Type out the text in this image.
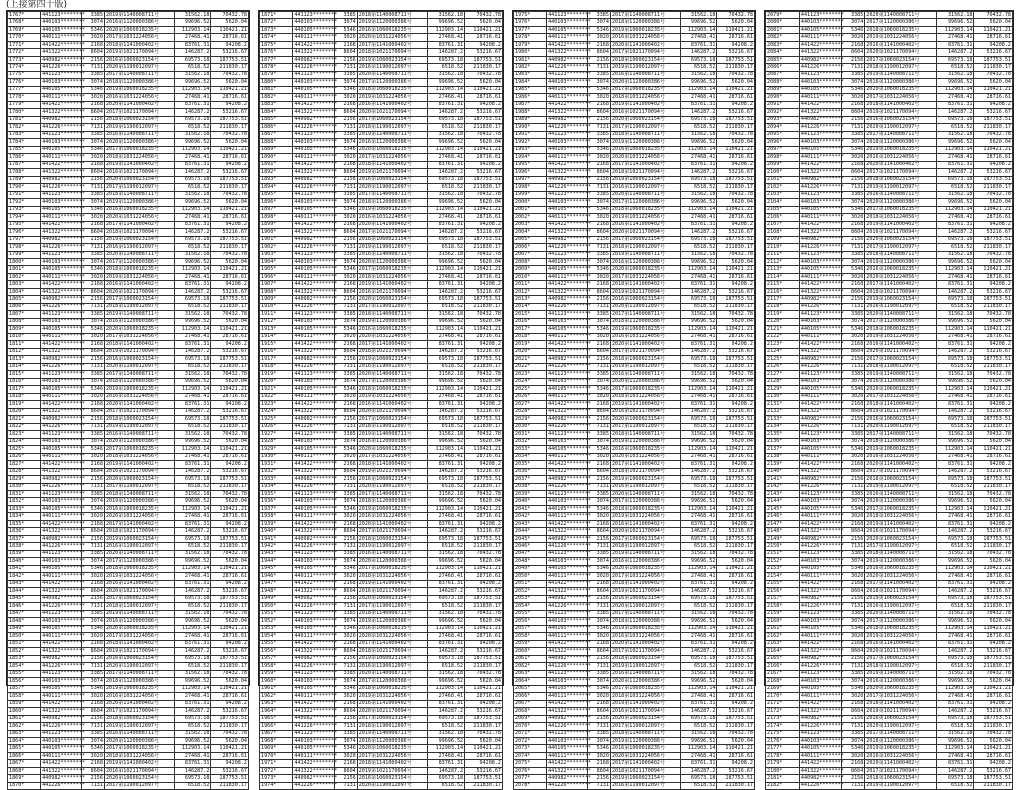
(上接第四十版)
1767*	441123********	3385	2019第1140008711号	31562.18	70432.78
1768*	440103********	3074	2016第1120000386号	99696.52	5620.04
1769*	440105********	5346	2020第1060018235号	112903.14	110421.21
1770*	440111********	3020	2017第1031224056号	27468.41	28716.61
1771*	441422********	2168	2018第1141000402号	83761.31	94208.2
1772*	441322********	8604	2019第1021170094号	146287.2	53216.67
1773*	440982********	2156	2016第1060023154号	69573.18	187753.51
1774*	441226********	7131	2020第1190012097号	6518.52	211830.17
1775*	441123********	3385	2017第1140008711号	31562.18	70432.78
1776*	440103********	3074	2018第1120000386号	99696.52	5620.04
1777*	440105********	5346	2019第1060018235号	112903.14	110421.21
1778*	440111********	3020	2016第1031224056号	27468.41	28716.61
1779*	441422********	2168	2020第1141000402号	83761.31	94208.2
1780*	441322********	8604	2017第1021170094号	146287.2	53216.67
1781*	440982********	2156	2018第1060023154号	69573.18	187753.51
1782*	441226********	7131	2019第1190012097号	6518.52	211830.17
1783*	441123********	3385	2016第1140008711号	31562.18	70432.78
1784*	440103********	3074	2020第1120000386号	99696.52	5620.04
1785*	440105********	5346	2017第1060018235号	112903.14	110421.21
1786*	440111********	3020	2018第1031224056号	27468.41	28716.61
1787*	441422********	2168	2019第1141000402号	83761.31	94208.2
1788*	441322********	8604	2016第1021170094号	146287.2	53216.67
1789*	440982********	2156	2020第1060023154号	69573.18	187753.51
1790*	441226********	7131	2017第1190012097号	6518.52	211830.17
1791*	441123********	3385	2018第1140008711号	31562.18	70432.78
1792*	440103********	3074	2019第1120000386号	99696.52	5620.04
1793*	440105********	5346	2016第1060018235号	112903.14	110421.21
1794*	440111********	3020	2020第1031224056号	27468.41	28716.61
1795*	441422********	2168	2017第1141000402号	83761.31	94208.2
1796*	441322********	8604	2018第1021170094号	146287.2	53216.67
1797*	440982********	2156	2019第1060023154号	69573.18	187753.51
1798*	441226********	7131	2016第1190012097号	6518.52	211830.17
1799*	441123********	3385	2020第1140008711号	31562.18	70432.78
1800*	440103********	3074	2017第1120000386号	99696.52	5620.04
1801*	440105********	5346	2018第1060018235号	112903.14	110421.21
1802*	440111********	3020	2019第1031224056号	27468.41	28716.61
1803*	441422********	2168	2016第1141000402号	83761.31	94208.2
1804*	441322********	8604	2020第1021170094号	146287.2	53216.67
1805*	440982********	2156	2017第1060023154号	69573.18	187753.51
1806*	441226********	7131	2018第1190012097号	6518.52	211830.17
1807*	441123********	3385	2019第1140008711号	31562.18	70432.78
1808*	440103********	3074	2016第1120000386号	99696.52	5620.04
1809*	440105********	5346	2020第1060018235号	112903.14	110421.21
1810*	440111********	3020	2017第1031224056号	27468.41	28716.61
1811*	441422********	2168	2018第1141000402号	83761.31	94208.2
1812*	441322********	8604	2019第1021170094号	146287.2	53216.67
1813*	440982********	2156	2016第1060023154号	69573.18	187753.51
1814*	441226********	7131	2020第1190012097号	6518.52	211830.17
1815*	441123********	3385	2017第1140008711号	31562.18	70432.78
1816*	440103********	3074	2018第1120000386号	99696.52	5620.04
1817*	440105********	5346	2019第1060018235号	112903.14	110421.21
1818*	440111********	3020	2016第1031224056号	27468.41	28716.61
1819*	441422********	2168	2020第1141000402号	83761.31	94208.2
1820*	441322********	8604	2017第1021170094号	146287.2	53216.67
1821*	440982********	2156	2018第1060023154号	69573.18	187753.51
1822*	441226********	7131	2019第1190012097号	6518.52	211830.17
1823*	441123********	3385	2016第1140008711号	31562.18	70432.78
1824*	440103********	3074	2020第1120000386号	99696.52	5620.04
1825*	440105********	5346	2017第1060018235号	112903.14	110421.21
1826*	440111********	3020	2018第1031224056号	27468.41	28716.61
1827*	441422********	2168	2019第1141000402号	83761.31	94208.2
1828*	441322********	8604	2016第1021170094号	146287.2	53216.67
1829*	440982********	2156	2020第1060023154号	69573.18	187753.51
1830*	441226********	7131	2017第1190012097号	6518.52	211830.17
1831*	441123********	3385	2018第1140008711号	31562.18	70432.78
1832*	440103********	3074	2019第1120000386号	99696.52	5620.04
1833*	440105********	5346	2016第1060018235号	112903.14	110421.21
1834*	440111********	3020	2020第1031224056号	27468.41	28716.61
1835*	441422********	2168	2017第1141000402号	83761.31	94208.2
1836*	441322********	8604	2018第1021170094号	146287.2	53216.67
1837*	440982********	2156	2019第1060023154号	69573.18	187753.51
1838*	441226********	7131	2016第1190012097号	6518.52	211830.17
1839*	441123********	3385	2020第1140008711号	31562.18	70432.78
1840*	440103********	3074	2017第1120000386号	99696.52	5620.04
1841*	440105********	5346	2018第1060018235号	112903.14	110421.21
1842*	440111********	3020	2019第1031224056号	27468.41	28716.61
1843*	441422********	2168	2016第1141000402号	83761.31	94208.2
1844*	441322********	8604	2020第1021170094号	146287.2	53216.67
1845*	440982********	2156	2017第1060023154号	69573.18	187753.51
1846*	441226********	7131	2018第1190012097号	6518.52	211830.17
1847*	441123********	3385	2019第1140008711号	31562.18	70432.78
1848*	440103********	3074	2016第1120000386号	99696.52	5620.04
1849*	440105********	5346	2020第1060018235号	112903.14	110421.21
1850*	440111********	3020	2017第1031224056号	27468.41	28716.61
1851*	441422********	2168	2018第1141000402号	83761.31	94208.2
1852*	441322********	8604	2019第1021170094号	146287.2	53216.67
1853*	440982********	2156	2016第1060023154号	69573.18	187753.51
1854*	441226********	7131	2020第1190012097号	6518.52	211830.17
1855*	441123********	3385	2017第1140008711号	31562.18	70432.78
1856*	440103********	3074	2018第1120000386号	99696.52	5620.04
1857*	440105********	5346	2019第1060018235号	112903.14	110421.21
1858*	440111********	3020	2016第1031224056号	27468.41	28716.61
1859*	441422********	2168	2020第1141000402号	83761.31	94208.2
1860*	441322********	8604	2017第1021170094号	146287.2	53216.67
1861*	440982********	2156	2018第1060023154号	69573.18	187753.51
1862*	441226********	7131	2019第1190012097号	6518.52	211830.17
1863*	441123********	3385	2016第1140008711号	31562.18	70432.78
1864*	440103********	3074	2020第1120000386号	99696.52	5620.04
1865*	440105********	5346	2017第1060018235号	112903.14	110421.21
1866*	440111********	3020	2018第1031224056号	27468.41	28716.61
1867*	441422********	2168	2019第1141000402号	83761.31	94208.2
1868*	441322********	8604	2016第1021170094号	146287.2	53216.67
1869*	440982********	2156	2020第1060023154号	69573.18	187753.51
1870*	441226********	7131	2017第1190012097号	6518.52	211830.17
1871*	441123********	3385	2018第1140008711号	31562.18	70432.78
1872*	440103********	3074	2019第1120000386号	99696.52	5620.04
1873*	440105********	5346	2016第1060018235号	112903.14	110421.21
1874*	440111********	3020	2020第1031224056号	27468.41	28716.61
1875*	441422********	2168	2017第1141000402号	83761.31	94208.2
1876*	441322********	8604	2018第1021170094号	146287.2	53216.67
1877*	440982********	2156	2019第1060023154号	69573.18	187753.51
1878*	441226********	7131	2016第1190012097号	6518.52	211830.17
1879*	441123********	3385	2020第1140008711号	31562.18	70432.78
1880*	440103********	3074	2017第1120000386号	99696.52	5620.04
1881*	440105********	5346	2018第1060018235号	112903.14	110421.21
1882*	440111********	3020	2019第1031224056号	27468.41	28716.61
1883*	441422********	2168	2016第1141000402号	83761.31	94208.2
1884*	441322********	8604	2020第1021170094号	146287.2	53216.67
1885*	440982********	2156	2017第1060023154号	69573.18	187753.51
1886*	441226********	7131	2018第1190012097号	6518.52	211830.17
1887*	441123********	3385	2019第1140008711号	31562.18	70432.78
1888*	440103********	3074	2016第1120000386号	99696.52	5620.04
1889*	440105********	5346	2020第1060018235号	112903.14	110421.21
1890*	440111********	3020	2017第1031224056号	27468.41	28716.61
1891*	441422********	2168	2018第1141000402号	83761.31	94208.2
1892*	441322********	8604	2019第1021170094号	146287.2	53216.67
1893*	440982********	2156	2016第1060023154号	69573.18	187753.51
1894*	441226********	7131	2020第1190012097号	6518.52	211830.17
1895*	441123********	3385	2017第1140008711号	31562.18	70432.78
1896*	440103********	3074	2018第1120000386号	99696.52	5620.04
1897*	440105********	5346	2019第1060018235号	112903.14	110421.21
1898*	440111********	3020	2016第1031224056号	27468.41	28716.61
1899*	441422********	2168	2020第1141000402号	83761.31	94208.2
1900*	441322********	8604	2017第1021170094号	146287.2	53216.67
1901*	440982********	2156	2018第1060023154号	69573.18	187753.51
1902*	441226********	7131	2019第1190012097号	6518.52	211830.17
1903*	441123********	3385	2016第1140008711号	31562.18	70432.78
1904*	440103********	3074	2020第1120000386号	99696.52	5620.04
1905*	440105********	5346	2017第1060018235号	112903.14	110421.21
1906*	440111********	3020	2018第1031224056号	27468.41	28716.61
1907*	441422********	2168	2019第1141000402号	83761.31	94208.2
1908*	441322********	8604	2016第1021170094号	146287.2	53216.67
1909*	440982********	2156	2020第1060023154号	69573.18	187753.51
1910*	441226********	7131	2017第1190012097号	6518.52	211830.17
1911*	441123********	3385	2018第1140008711号	31562.18	70432.78
1912*	440103********	3074	2019第1120000386号	99696.52	5620.04
1913*	440105********	5346	2016第1060018235号	112903.14	110421.21
1914*	440111********	3020	2020第1031224056号	27468.41	28716.61
1915*	441422********	2168	2017第1141000402号	83761.31	94208.2
1916*	441322********	8604	2018第1021170094号	146287.2	53216.67
1917*	440982********	2156	2019第1060023154号	69573.18	187753.51
1918*	441226********	7131	2016第1190012097号	6518.52	211830.17
1919*	441123********	3385	2020第1140008711号	31562.18	70432.78
1920*	440103********	3074	2017第1120000386号	99696.52	5620.04
1921*	440105********	5346	2018第1060018235号	112903.14	110421.21
1922*	440111********	3020	2019第1031224056号	27468.41	28716.61
1923*	441422********	2168	2016第1141000402号	83761.31	94208.2
1924*	441322********	8604	2020第1021170094号	146287.2	53216.67
1925*	440982********	2156	2017第1060023154号	69573.18	187753.51
1926*	441226********	7131	2018第1190012097号	6518.52	211830.17
1927*	441123********	3385	2019第1140008711号	31562.18	70432.78
1928*	440103********	3074	2016第1120000386号	99696.52	5620.04
1929*	440105********	5346	2020第1060018235号	112903.14	110421.21
1930*	440111********	3020	2017第1031224056号	27468.41	28716.61
1931*	441422********	2168	2018第1141000402号	83761.31	94208.2
1932*	441322********	8604	2019第1021170094号	146287.2	53216.67
1933*	440982********	2156	2016第1060023154号	69573.18	187753.51
1934*	441226********	7131	2020第1190012097号	6518.52	211830.17
1935*	441123********	3385	2017第1140008711号	31562.18	70432.78
1936*	440103********	3074	2018第1120000386号	99696.52	5620.04
1937*	440105********	5346	2019第1060018235号	112903.14	110421.21
1938*	440111********	3020	2016第1031224056号	27468.41	28716.61
1939*	441422********	2168	2020第1141000402号	83761.31	94208.2
1940*	441322********	8604	2017第1021170094号	146287.2	53216.67
1941*	440982********	2156	2018第1060023154号	69573.18	187753.51
1942*	441226********	7131	2019第1190012097号	6518.52	211830.17
1943*	441123********	3385	2016第1140008711号	31562.18	70432.78
1944*	440103********	3074	2020第1120000386号	99696.52	5620.04
1945*	440105********	5346	2017第1060018235号	112903.14	110421.21
1946*	440111********	3020	2018第1031224056号	27468.41	28716.61
1947*	441422********	2168	2019第1141000402号	83761.31	94208.2
1948*	441322********	8604	2016第1021170094号	146287.2	53216.67
1949*	440982********	2156	2020第1060023154号	69573.18	187753.51
1950*	441226********	7131	2017第1190012097号	6518.52	211830.17
1951*	441123********	3385	2018第1140008711号	31562.18	70432.78
1952*	440103********	3074	2019第1120000386号	99696.52	5620.04
1953*	440105********	5346	2016第1060018235号	112903.14	110421.21
1954*	440111********	3020	2020第1031224056号	27468.41	28716.61
1955*	441422********	2168	2017第1141000402号	83761.31	94208.2
1956*	441322********	8604	2018第1021170094号	146287.2	53216.67
1957*	440982********	2156	2019第1060023154号	69573.18	187753.51
1958*	441226********	7131	2016第1190012097号	6518.52	211830.17
1959*	441123********	3385	2020第1140008711号	31562.18	70432.78
1960*	440103********	3074	2017第1120000386号	99696.52	5620.04
1961*	440105********	5346	2018第1060018235号	112903.14	110421.21
1962*	440111********	3020	2019第1031224056号	27468.41	28716.61
1963*	441422********	2168	2016第1141000402号	83761.31	94208.2
1964*	441322********	8604	2020第1021170094号	146287.2	53216.67
1965*	440982********	2156	2017第1060023154号	69573.18	187753.51
1966*	441226********	7131	2018第1190012097号	6518.52	211830.17
1967*	441123********	3385	2019第1140008711号	31562.18	70432.78
1968*	440103********	3074	2016第1120000386号	99696.52	5620.04
1969*	440105********	5346	2020第1060018235号	112903.14	110421.21
1970*	440111********	3020	2017第1031224056号	27468.41	28716.61
1971*	441422********	2168	2018第1141000402号	83761.31	94208.2
1972*	441322********	8604	2019第1021170094号	146287.2	53216.67
1973*	440982********	2156	2016第1060023154号	69573.18	187753.51
1974*	441226********	7131	2020第1190012097号	6518.52	211830.17
1975*	441123********	3385	2017第1140008711号	31562.18	70432.78
1976*	440103********	3074	2018第1120000386号	99696.52	5620.04
1977*	440105********	5346	2019第1060018235号	112903.14	110421.21
1978*	440111********	3020	2016第1031224056号	27468.41	28716.61
1979*	441422********	2168	2020第1141000402号	83761.31	94208.2
1980*	441322********	8604	2017第1021170094号	146287.2	53216.67
1981*	440982********	2156	2018第1060023154号	69573.18	187753.51
1982*	441226********	7131	2019第1190012097号	6518.52	211830.17
1983*	441123********	3385	2016第1140008711号	31562.18	70432.78
1984*	440103********	3074	2020第1120000386号	99696.52	5620.04
1985*	440105********	5346	2017第1060018235号	112903.14	110421.21
1986*	440111********	3020	2018第1031224056号	27468.41	28716.61
1987*	441422********	2168	2019第1141000402号	83761.31	94208.2
1988*	441322********	8604	2016第1021170094号	146287.2	53216.67
1989*	440982********	2156	2020第1060023154号	69573.18	187753.51
1990*	441226********	7131	2017第1190012097号	6518.52	211830.17
1991*	441123********	3385	2018第1140008711号	31562.18	70432.78
1992*	440103********	3074	2019第1120000386号	99696.52	5620.04
1993*	440105********	5346	2016第1060018235号	112903.14	110421.21
1994*	440111********	3020	2020第1031224056号	27468.41	28716.61
1995*	441422********	2168	2017第1141000402号	83761.31	94208.2
1996*	441322********	8604	2018第1021170094号	146287.2	53216.67
1997*	440982********	2156	2019第1060023154号	69573.18	187753.51
1998*	441226********	7131	2016第1190012097号	6518.52	211830.17
1999*	441123********	3385	2020第1140008711号	31562.18	70432.78
2000*	440103********	3074	2017第1120000386号	99696.52	5620.04
2001*	440105********	5346	2018第1060018235号	112903.14	110421.21
2002*	440111********	3020	2019第1031224056号	27468.41	28716.61
2003*	441422********	2168	2016第1141000402号	83761.31	94208.2
2004*	441322********	8604	2020第1021170094号	146287.2	53216.67
2005*	440982********	2156	2017第1060023154号	69573.18	187753.51
2006*	441226********	7131	2018第1190012097号	6518.52	211830.17
2007*	441123********	3385	2019第1140008711号	31562.18	70432.78
2008*	440103********	3074	2016第1120000386号	99696.52	5620.04
2009*	440105********	5346	2020第1060018235号	112903.14	110421.21
2010*	440111********	3020	2017第1031224056号	27468.41	28716.61
2011*	441422********	2168	2018第1141000402号	83761.31	94208.2
2012*	441322********	8604	2019第1021170094号	146287.2	53216.67
2013*	440982********	2156	2016第1060023154号	69573.18	187753.51
2014*	441226********	7131	2020第1190012097号	6518.52	211830.17
2015*	441123********	3385	2017第1140008711号	31562.18	70432.78
2016*	440103********	3074	2018第1120000386号	99696.52	5620.04
2017*	440105********	5346	2019第1060018235号	112903.14	110421.21
2018*	440111********	3020	2016第1031224056号	27468.41	28716.61
2019*	441422********	2168	2020第1141000402号	83761.31	94208.2
2020*	441322********	8604	2017第1021170094号	146287.2	53216.67
2021*	440982********	2156	2018第1060023154号	69573.18	187753.51
2022*	441226********	7131	2019第1190012097号	6518.52	211830.17
2023*	441123********	3385	2016第1140008711号	31562.18	70432.78
2024*	440103********	3074	2020第1120000386号	99696.52	5620.04
2025*	440105********	5346	2017第1060018235号	112903.14	110421.21
2026*	440111********	3020	2018第1031224056号	27468.41	28716.61
2027*	441422********	2168	2019第1141000402号	83761.31	94208.2
2028*	441322********	8604	2016第1021170094号	146287.2	53216.67
2029*	440982********	2156	2020第1060023154号	69573.18	187753.51
2030*	441226********	7131	2017第1190012097号	6518.52	211830.17
2031*	441123********	3385	2018第1140008711号	31562.18	70432.78
2032*	440103********	3074	2019第1120000386号	99696.52	5620.04
2033*	440105********	5346	2016第1060018235号	112903.14	110421.21
2034*	440111********	3020	2020第1031224056号	27468.41	28716.61
2035*	441422********	2168	2017第1141000402号	83761.31	94208.2
2036*	441322********	8604	2018第1021170094号	146287.2	53216.67
2037*	440982********	2156	2019第1060023154号	69573.18	187753.51
2038*	441226********	7131	2016第1190012097号	6518.52	211830.17
2039*	441123********	3385	2020第1140008711号	31562.18	70432.78
2040*	440103********	3074	2017第1120000386号	99696.52	5620.04
2041*	440105********	5346	2018第1060018235号	112903.14	110421.21
2042*	440111********	3020	2019第1031224056号	27468.41	28716.61
2043*	441422********	2168	2016第1141000402号	83761.31	94208.2
2044*	441322********	8604	2020第1021170094号	146287.2	53216.67
2045*	440982********	2156	2017第1060023154号	69573.18	187753.51
2046*	441226********	7131	2018第1190012097号	6518.52	211830.17
2047*	441123********	3385	2019第1140008711号	31562.18	70432.78
2048*	440103********	3074	2016第1120000386号	99696.52	5620.04
2049*	440105********	5346	2020第1060018235号	112903.14	110421.21
2050*	440111********	3020	2017第1031224056号	27468.41	28716.61
2051*	441422********	2168	2018第1141000402号	83761.31	94208.2
2052*	441322********	8604	2019第1021170094号	146287.2	53216.67
2053*	440982********	2156	2016第1060023154号	69573.18	187753.51
2054*	441226********	7131	2020第1190012097号	6518.52	211830.17
2055*	441123********	3385	2017第1140008711号	31562.18	70432.78
2056*	440103********	3074	2018第1120000386号	99696.52	5620.04
2057*	440105********	5346	2019第1060018235号	112903.14	110421.21
2058*	440111********	3020	2016第1031224056号	27468.41	28716.61
2059*	441422********	2168	2020第1141000402号	83761.31	94208.2
2060*	441322********	8604	2017第1021170094号	146287.2	53216.67
2061*	440982********	2156	2018第1060023154号	69573.18	187753.51
2062*	441226********	7131	2019第1190012097号	6518.52	211830.17
2063*	441123********	3385	2016第1140008711号	31562.18	70432.78
2064*	440103********	3074	2020第1120000386号	99696.52	5620.04
2065*	440105********	5346	2017第1060018235号	112903.14	110421.21
2066*	440111********	3020	2018第1031224056号	27468.41	28716.61
2067*	441422********	2168	2019第1141000402号	83761.31	94208.2
2068*	441322********	8604	2016第1021170094号	146287.2	53216.67
2069*	440982********	2156	2020第1060023154号	69573.18	187753.51
2070*	441226********	7131	2017第1190012097号	6518.52	211830.17
2071*	441123********	3385	2018第1140008711号	31562.18	70432.78
2072*	440103********	3074	2019第1120000386号	99696.52	5620.04
2073*	440105********	5346	2016第1060018235号	112903.14	110421.21
2074*	440111********	3020	2020第1031224056号	27468.41	28716.61
2075*	441422********	2168	2017第1141000402号	83761.31	94208.2
2076*	441322********	8604	2018第1021170094号	146287.2	53216.67
2077*	440982********	2156	2019第1060023154号	69573.18	187753.51
2078*	441226********	7131	2016第1190012097号	6518.52	211830.17
2079*	441123********	3385	2020第1140008711号	31562.18	70432.78
2080*	440103********	3074	2017第1120000386号	99696.52	5620.04
2081*	440105********	5346	2018第1060018235号	112903.14	110421.21
2082*	440111********	3020	2019第1031224056号	27468.41	28716.61
2083*	441422********	2168	2016第1141000402号	83761.31	94208.2
2084*	441322********	8604	2020第1021170094号	146287.2	53216.67
2085*	440982********	2156	2017第1060023154号	69573.18	187753.51
2086*	441226********	7131	2018第1190012097号	6518.52	211830.17
2087*	441123********	3385	2019第1140008711号	31562.18	70432.78
2088*	440103********	3074	2016第1120000386号	99696.52	5620.04
2089*	440105********	5346	2020第1060018235号	112903.14	110421.21
2090*	440111********	3020	2017第1031224056号	27468.41	28716.61
2091*	441422********	2168	2018第1141000402号	83761.31	94208.2
2092*	441322********	8604	2019第1021170094号	146287.2	53216.67
2093*	440982********	2156	2016第1060023154号	69573.18	187753.51
2094*	441226********	7131	2020第1190012097号	6518.52	211830.17
2095*	441123********	3385	2017第1140008711号	31562.18	70432.78
2096*	440103********	3074	2018第1120000386号	99696.52	5620.04
2097*	440105********	5346	2019第1060018235号	112903.14	110421.21
2098*	440111********	3020	2016第1031224056号	27468.41	28716.61
2099*	441422********	2168	2020第1141000402号	83761.31	94208.2
2100*	441322********	8604	2017第1021170094号	146287.2	53216.67
2101*	440982********	2156	2018第1060023154号	69573.18	187753.51
2102*	441226********	7131	2019第1190012097号	6518.52	211830.17
2103*	441123********	3385	2016第1140008711号	31562.18	70432.78
2104*	440103********	3074	2020第1120000386号	99696.52	5620.04
2105*	440105********	5346	2017第1060018235号	112903.14	110421.21
2106*	440111********	3020	2018第1031224056号	27468.41	28716.61
2107*	441422********	2168	2019第1141000402号	83761.31	94208.2
2108*	441322********	8604	2016第1021170094号	146287.2	53216.67
2109*	440982********	2156	2020第1060023154号	69573.18	187753.51
2110*	441226********	7131	2017第1190012097号	6518.52	211830.17
2111*	441123********	3385	2018第1140008711号	31562.18	70432.78
2112*	440103********	3074	2019第1120000386号	99696.52	5620.04
2113*	440105********	5346	2016第1060018235号	112903.14	110421.21
2114*	440111********	3020	2020第1031224056号	27468.41	28716.61
2115*	441422********	2168	2017第1141000402号	83761.31	94208.2
2116*	441322********	8604	2018第1021170094号	146287.2	53216.67
2117*	440982********	2156	2019第1060023154号	69573.18	187753.51
2118*	441226********	7131	2016第1190012097号	6518.52	211830.17
2119*	441123********	3385	2020第1140008711号	31562.18	70432.78
2120*	440103********	3074	2017第1120000386号	99696.52	5620.04
2121*	440105********	5346	2018第1060018235号	112903.14	110421.21
2122*	440111********	3020	2019第1031224056号	27468.41	28716.61
2123*	441422********	2168	2016第1141000402号	83761.31	94208.2
2124*	441322********	8604	2020第1021170094号	146287.2	53216.67
2125*	440982********	2156	2017第1060023154号	69573.18	187753.51
2126*	441226********	7131	2018第1190012097号	6518.52	211830.17
2127*	441123********	3385	2019第1140008711号	31562.18	70432.78
2128*	440103********	3074	2016第1120000386号	99696.52	5620.04
2129*	440105********	5346	2020第1060018235号	112903.14	110421.21
2130*	440111********	3020	2017第1031224056号	27468.41	28716.61
2131*	441422********	2168	2018第1141000402号	83761.31	94208.2
2132*	441322********	8604	2019第1021170094号	146287.2	53216.67
2133*	440982********	2156	2016第1060023154号	69573.18	187753.51
2134*	441226********	7131	2020第1190012097号	6518.52	211830.17
2135*	441123********	3385	2017第1140008711号	31562.18	70432.78
2136*	440103********	3074	2018第1120000386号	99696.52	5620.04
2137*	440105********	5346	2019第1060018235号	112903.14	110421.21
2138*	440111********	3020	2016第1031224056号	27468.41	28716.61
2139*	441422********	2168	2020第1141000402号	83761.31	94208.2
2140*	441322********	8604	2017第1021170094号	146287.2	53216.67
2141*	440982********	2156	2018第1060023154号	69573.18	187753.51
2142*	441226********	7131	2019第1190012097号	6518.52	211830.17
2143*	441123********	3385	2016第1140008711号	31562.18	70432.78
2144*	440103********	3074	2020第1120000386号	99696.52	5620.04
2145*	440105********	5346	2017第1060018235号	112903.14	110421.21
2146*	440111********	3020	2018第1031224056号	27468.41	28716.61
2147*	441422********	2168	2019第1141000402号	83761.31	94208.2
2148*	441322********	8604	2016第1021170094号	146287.2	53216.67
2149*	440982********	2156	2020第1060023154号	69573.18	187753.51
2150*	441226********	7131	2017第1190012097号	6518.52	211830.17
2151*	441123********	3385	2018第1140008711号	31562.18	70432.78
2152*	440103********	3074	2019第1120000386号	99696.52	5620.04
2153*	440105********	5346	2016第1060018235号	112903.14	110421.21
2154*	440111********	3020	2020第1031224056号	27468.41	28716.61
2155*	441422********	2168	2017第1141000402号	83761.31	94208.2
2156*	441322********	8604	2018第1021170094号	146287.2	53216.67
2157*	440982********	2156	2019第1060023154号	69573.18	187753.51
2158*	441226********	7131	2016第1190012097号	6518.52	211830.17
2159*	441123********	3385	2020第1140008711号	31562.18	70432.78
2160*	440103********	3074	2017第1120000386号	99696.52	5620.04
2161*	440105********	5346	2018第1060018235号	112903.14	110421.21
2162*	440111********	3020	2019第1031224056号	27468.41	28716.61
2163*	441422********	2168	2016第1141000402号	83761.31	94208.2
2164*	441322********	8604	2020第1021170094号	146287.2	53216.67
2165*	440982********	2156	2017第1060023154号	69573.18	187753.51
2166*	441226********	7131	2018第1190012097号	6518.52	211830.17
2167*	441123********	3385	2019第1140008711号	31562.18	70432.78
2168*	440103********	3074	2016第1120000386号	99696.52	5620.04
2169*	440105********	5346	2020第1060018235号	112903.14	110421.21
2170*	440111********	3020	2017第1031224056号	27468.41	28716.61
2171*	441422********	2168	2018第1141000402号	83761.31	94208.2
2172*	441322********	8604	2019第1021170094号	146287.2	53216.67
2173*	440982********	2156	2016第1060023154号	69573.18	187753.51
2174*	441226********	7131	2020第1190012097号	6518.52	211830.17
2175*	441123********	3385	2017第1140008711号	31562.18	70432.78
2176*	440103********	3074	2018第1120000386号	99696.52	5620.04
2177*	440105********	5346	2019第1060018235号	112903.14	110421.21
2178*	440111********	3020	2016第1031224056号	27468.41	28716.61
2179*	441422********	2168	2020第1141000402号	83761.31	94208.2
2180*	441322********	8604	2017第1021170094号	146287.2	53216.67
2181*	440982********	2156	2018第1060023154号	69573.18	187753.51
2182*	441226********	7131	2019第1190012097号	6518.52	211830.17
